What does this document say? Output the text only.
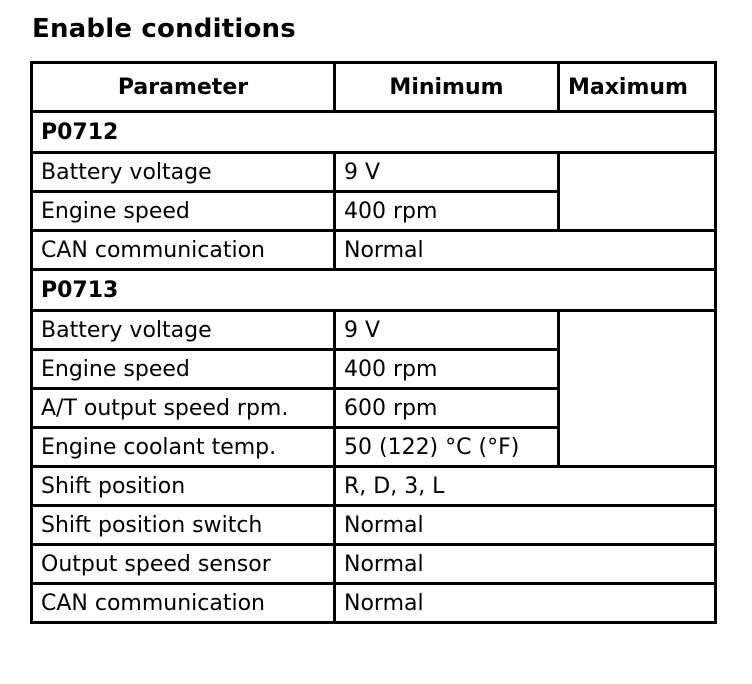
Enable conditions
Parameter	Minimum	Maximum
P0712		
Battery voltage	9 V	
Engine speed	400 rpm	
CAN communication	Normal	
P0713		
Battery voltage	9 V	
Engine speed	400 rpm	
A/T output speed rpm.	600 rpm	
Engine coolant temp.	50 (122) °C (°F)	
Shift position	R, D, 3, L	
Shift position switch	Normal	
Output speed sensor	Normal	
CAN communication	Normal	
